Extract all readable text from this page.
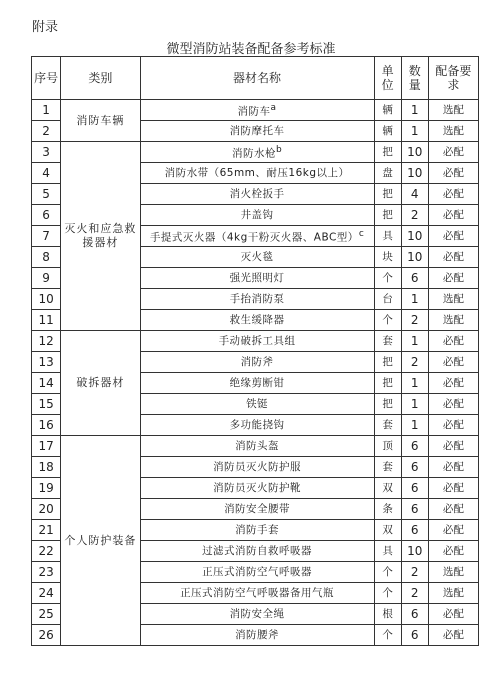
附录
微型消防站装备配备参考标准
序号	类别	器材名称	单位	数量	配备要求
1	消防车辆	消防车$^a$	辆	1	选配
2		消防摩托车	辆	1	选配
3	灭火和应急救援器材	消防水枪$^b$	把	10	必配
4		消防水带（65mm、耐压16kg以上）	盘	10	必配
5		消火栓扳手	把	4	必配
6		井盖钩	把	2	必配
7		手提式灭火器（4kg干粉灭火器、ABC型）$^c$	具	10	必配
8		灭火毯	块	10	必配
9		强光照明灯	个	6	必配
10		手抬消防泵	台	1	选配
11		救生缓降器	个	2	选配
12	破拆器材	手动破拆工具组	套	1	必配
13		消防斧	把	2	必配
14		绝缘剪断钳	把	1	必配
15		铁铤	把	1	必配
16		多功能挠钩	套	1	必配
17	个人防护装备	消防头盔	顶	6	必配
18		消防员灭火防护服	套	6	必配
19		消防员灭火防护靴	双	6	必配
20		消防安全腰带	条	6	必配
21		消防手套	双	6	必配
22		过滤式消防自救呼吸器	具	10	必配
23		正压式消防空气呼吸器	个	2	选配
24		正压式消防空气呼吸器备用气瓶	个	2	选配
25		消防安全绳	根	6	必配
26		消防腰斧	个	6	必配
